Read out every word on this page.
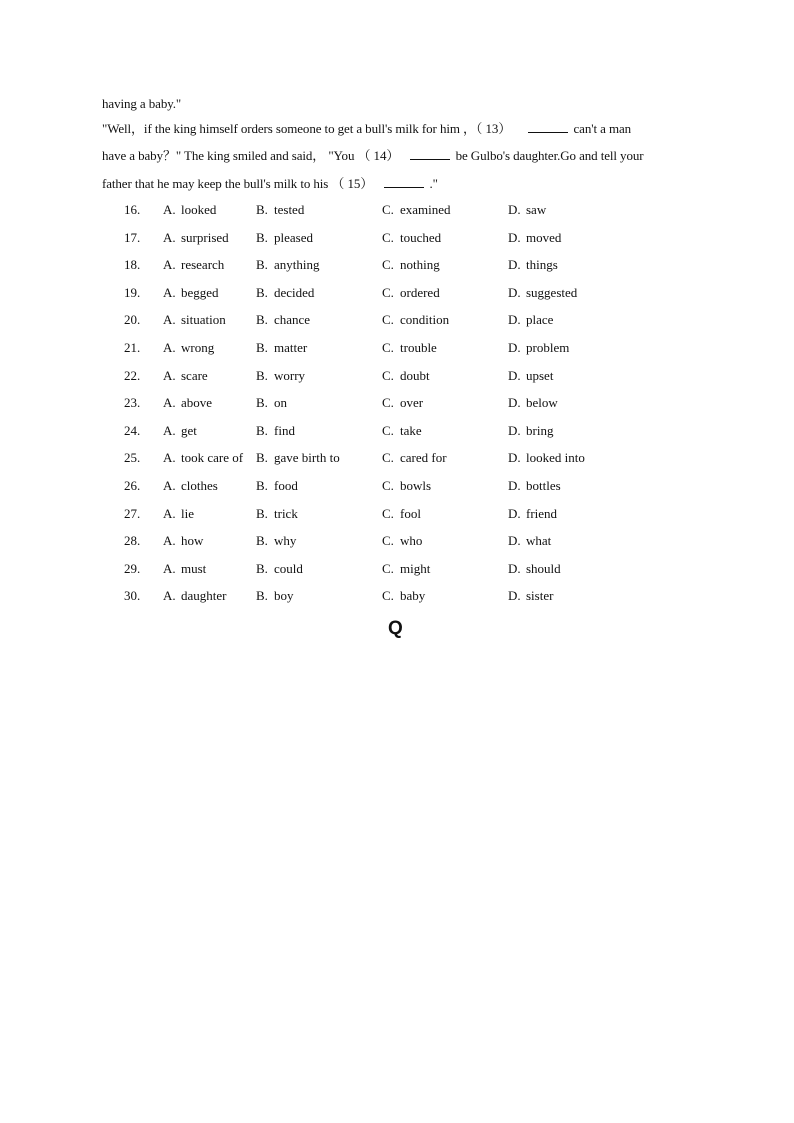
having a baby."
"Well，if the king himself orders someone to get a bull's milk for him ，（ 13）	can't a man
have a baby？" The king smiled and said， "You （ 14）	be Gulbo's daughter.Go and tell your
father that he may keep the bull's milk to his （ 15）	."
16.	A. looked	B. tested	C. examined	D. saw
17.	A. surprised B. pleased	C. touched	D. moved
18.	A. research B. anything	C. nothing	D. things
19.	A. begged	B. decided	C. ordered	D. suggested
20.	A. situation B. chance	C. condition	D. place
21.	A. wrong	B. matter	C. trouble	D. problem
22.	A. scare	B. worry	C. doubt	D. upset
23.	A. above	B. on	C. over	D. below
24.	A. get	B. find	C. take	D. bring
25.	A. took care of B. gave birth to	C. cared for	D. looked into
26.	A. clothes	B. food	C. bowls	D. bottles
27.	A. lie	B. trick	C. fool	D. friend
28.	A. how	B. why	C. who	D. what
29.	A. must	B. could	C. might	D. should
30.	A. daughter B. boy	C. baby	D. sister
Q
